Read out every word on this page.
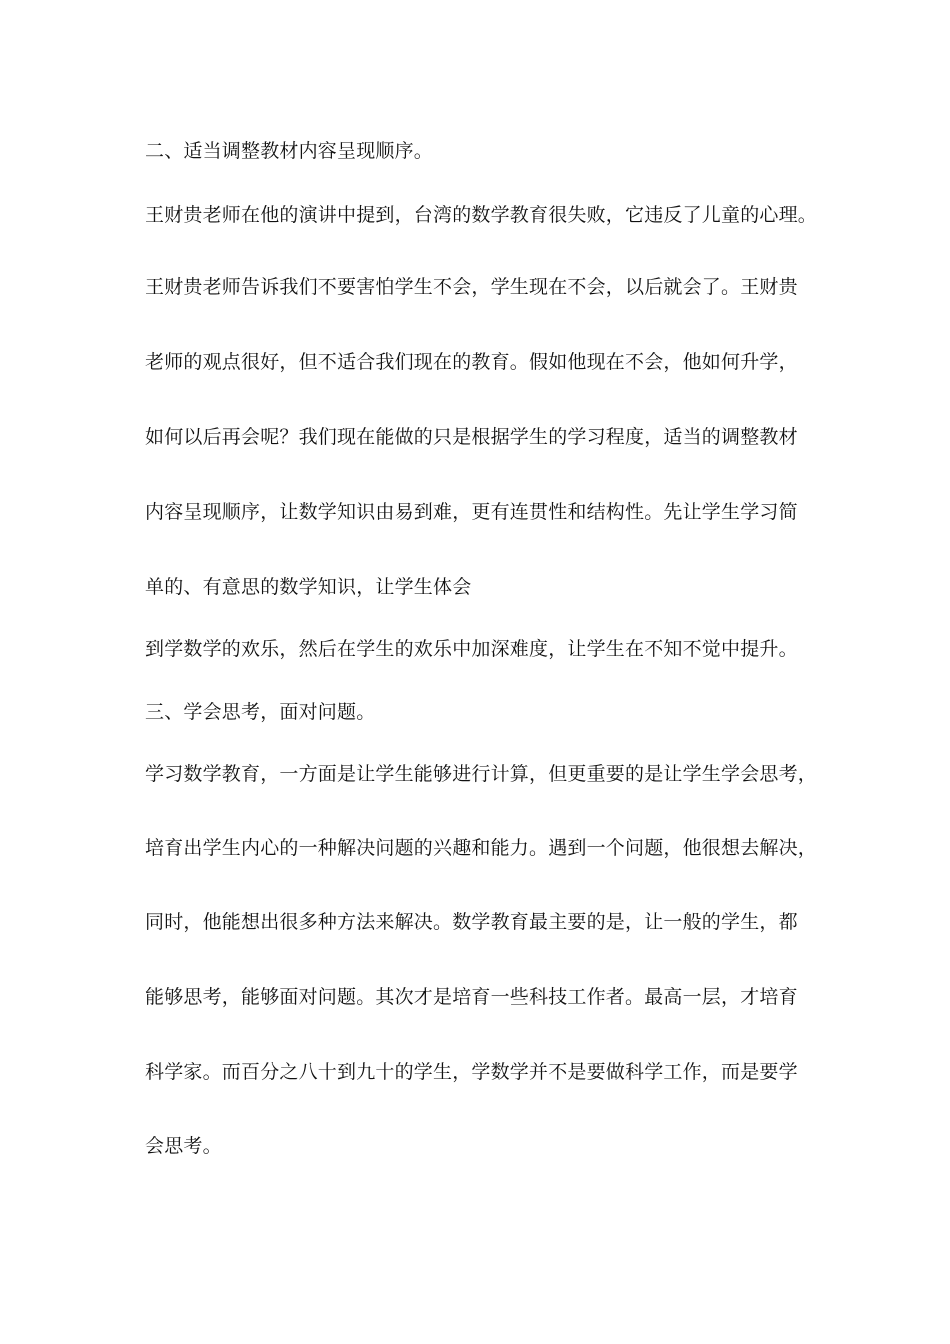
二、适当调整教材内容呈现顺序。

王财贵老师在他的演讲中提到，台湾的数学教育很失败，它违反了儿童的心理。

王财贵老师告诉我们不要害怕学生不会，学生现在不会，以后就会了。王财贵

老师的观点很好，但不适合我们现在的教育。假如他现在不会，他如何升学，

如何以后再会呢？我们现在能做的只是根据学生的学习程度，适当的调整教材

内容呈现顺序，让数学知识由易到难，更有连贯性和结构性。先让学生学习简

单的、有意思的数学知识，让学生体会

到学数学的欢乐，然后在学生的欢乐中加深难度，让学生在不知不觉中提升。

三、学会思考，面对问题。

学习数学教育，一方面是让学生能够进行计算，但更重要的是让学生学会思考，

培育出学生内心的一种解决问题的兴趣和能力。遇到一个问题，他很想去解决，

同时，他能想出很多种方法来解决。数学教育最主要的是，让一般的学生，都

能够思考，能够面对问题。其次才是培育一些科技工作者。最高一层，才培育

科学家。而百分之八十到九十的学生，学数学并不是要做科学工作，而是要学

会思考。
